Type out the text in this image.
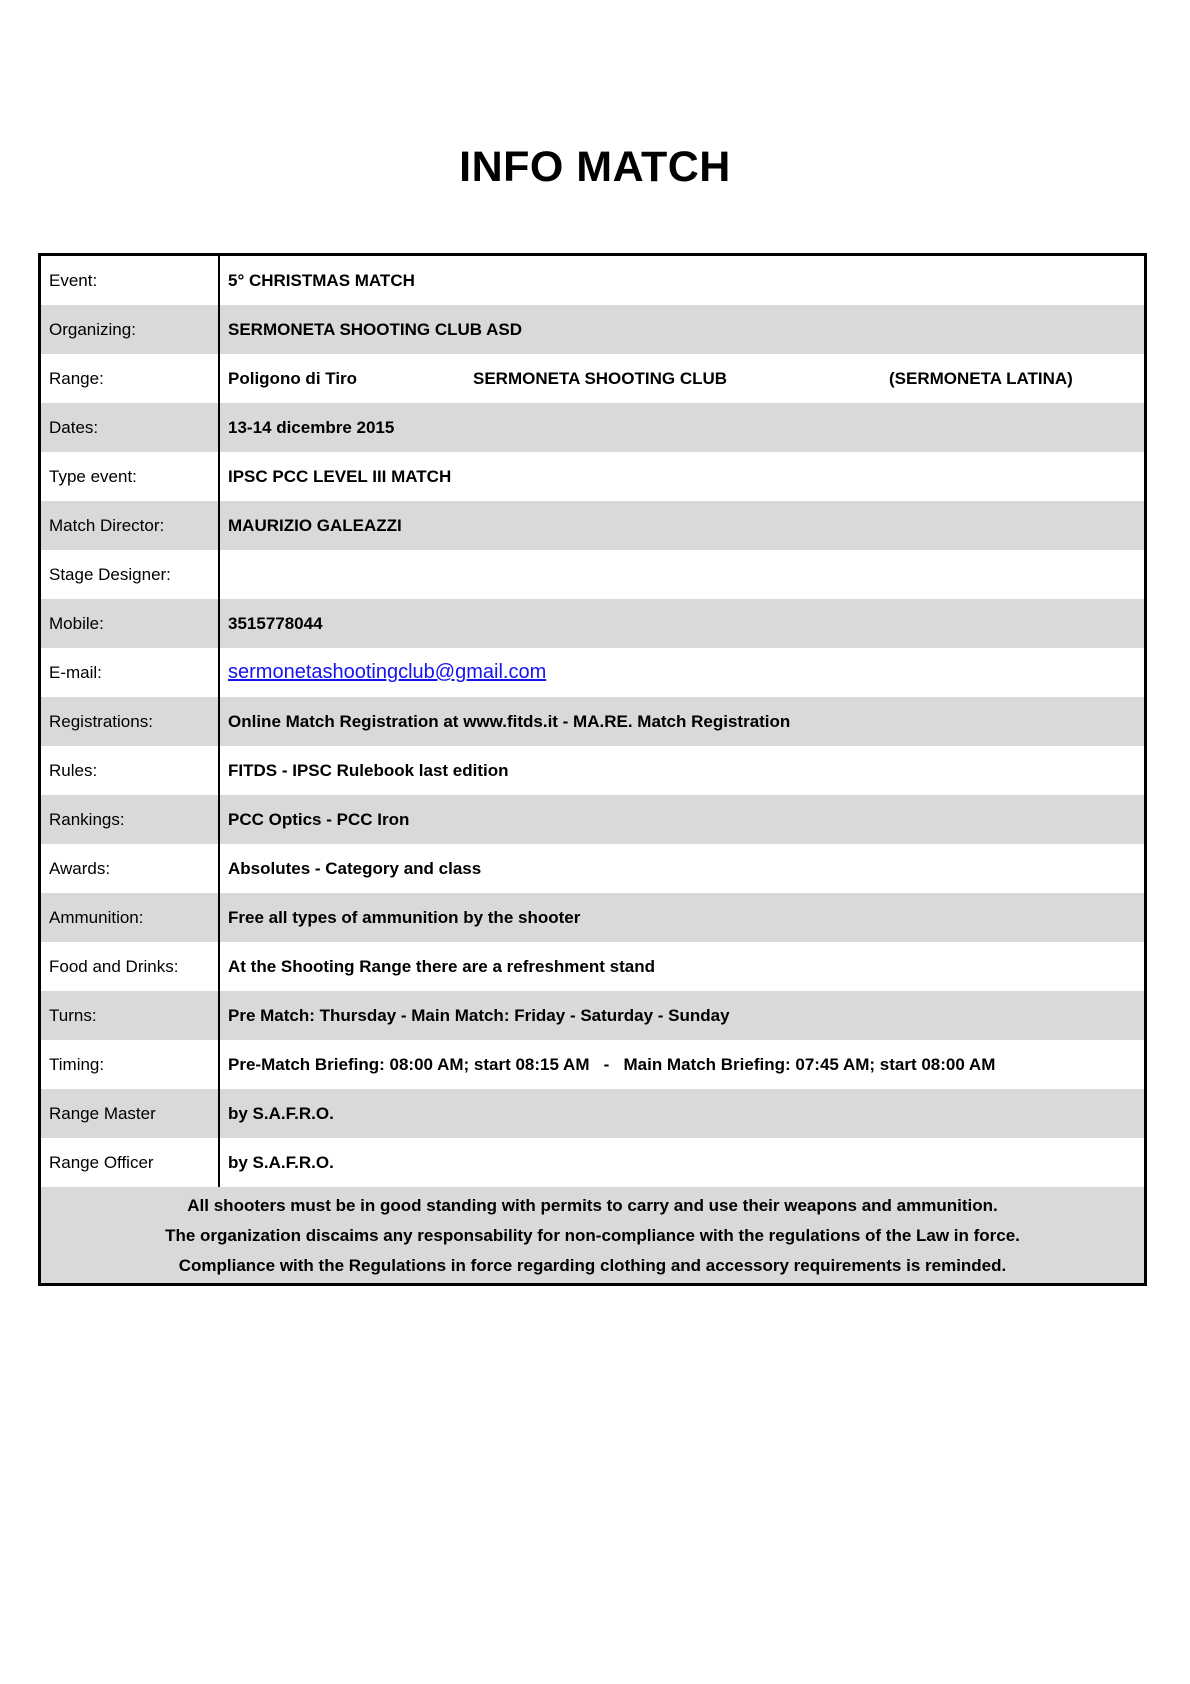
INFO MATCH
Event:	5° CHRISTMAS MATCH
Organizing:	SERMONETA SHOOTING CLUB ASD
Range:	Poligono di Tiro	SERMONETA SHOOTING CLUB	(SERMONETA LATINA)
Dates:	13-14 dicembre 2015
Type event:	IPSC PCC LEVEL III MATCH
Match Director:	MAURIZIO GALEAZZI
Stage Designer:
Mobile:	3515778044
E-mail:	sermonetashootingclub@gmail.com
Registrations:	Online Match Registration at www.fitds.it - MA.RE. Match Registration
Rules:	FITDS - IPSC Rulebook last edition
Rankings:	PCC Optics - PCC Iron
Awards:	Absolutes - Category and class
Ammunition:	Free all types of ammunition by the shooter
Food and Drinks:	At the Shooting Range there are a refreshment stand
Turns:	Pre Match: Thursday - Main Match: Friday - Saturday - Sunday
Timing:	Pre-Match Briefing: 08:00 AM; start 08:15 AM   -   Main Match Briefing: 07:45 AM; start 08:00 AM
Range Master	by S.A.F.R.O.
Range Officer	by S.A.F.R.O.
All shooters must be in good standing with permits to carry and use their weapons and ammunition.
The organization discaims any responsability for non-compliance with the regulations of the Law in force.
Compliance with the Regulations in force regarding clothing and accessory requirements is reminded.
